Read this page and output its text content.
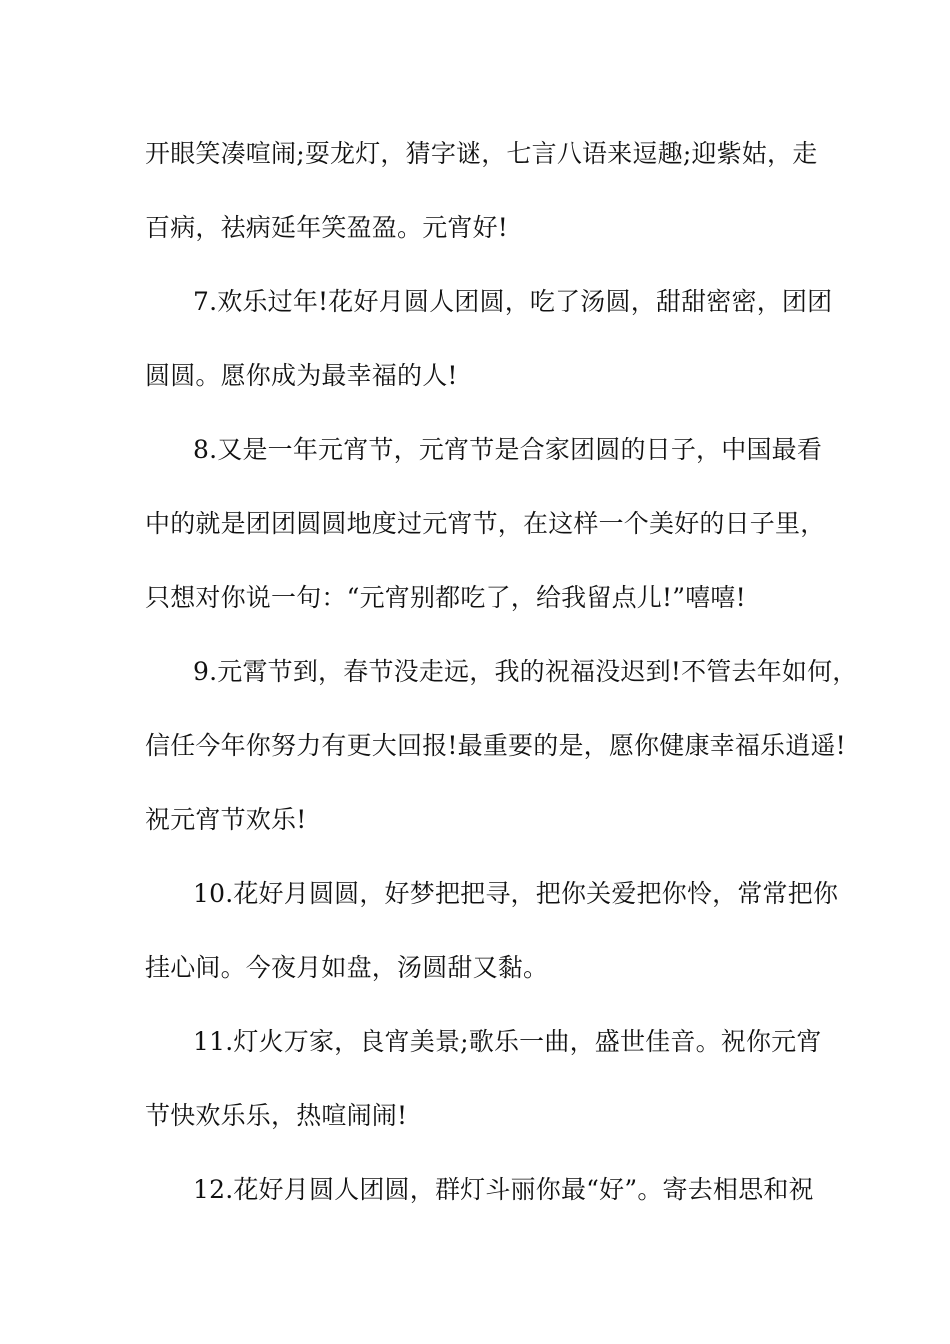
开眼笑凑喧闹;耍龙灯，猜字谜，七言八语来逗趣;迎紫姑，走
百病，祛病延年笑盈盈。元宵好!
7.欢乐过年!花好月圆人团圆，吃了汤圆，甜甜密密，团团
圆圆。愿你成为最幸福的人!
8.又是一年元宵节，元宵节是合家团圆的日子，中国最看
中的就是团团圆圆地度过元宵节，在这样一个美好的日子里，
只想对你说一句：“元宵别都吃了，给我留点儿!”嘻嘻!
9.元霄节到，春节没走远，我的祝福没迟到!不管去年如何，
信任今年你努力有更大回报!最重要的是，愿你健康幸福乐逍遥!
祝元宵节欢乐!
10.花好月圆圆，好梦把把寻，把你关爱把你怜，常常把你
挂心间。今夜月如盘，汤圆甜又黏。
11.灯火万家，良宵美景;歌乐一曲，盛世佳音。祝你元宵
节快欢乐乐，热喧闹闹!
12.花好月圆人团圆，群灯斗丽你最“好”。寄去相思和祝
